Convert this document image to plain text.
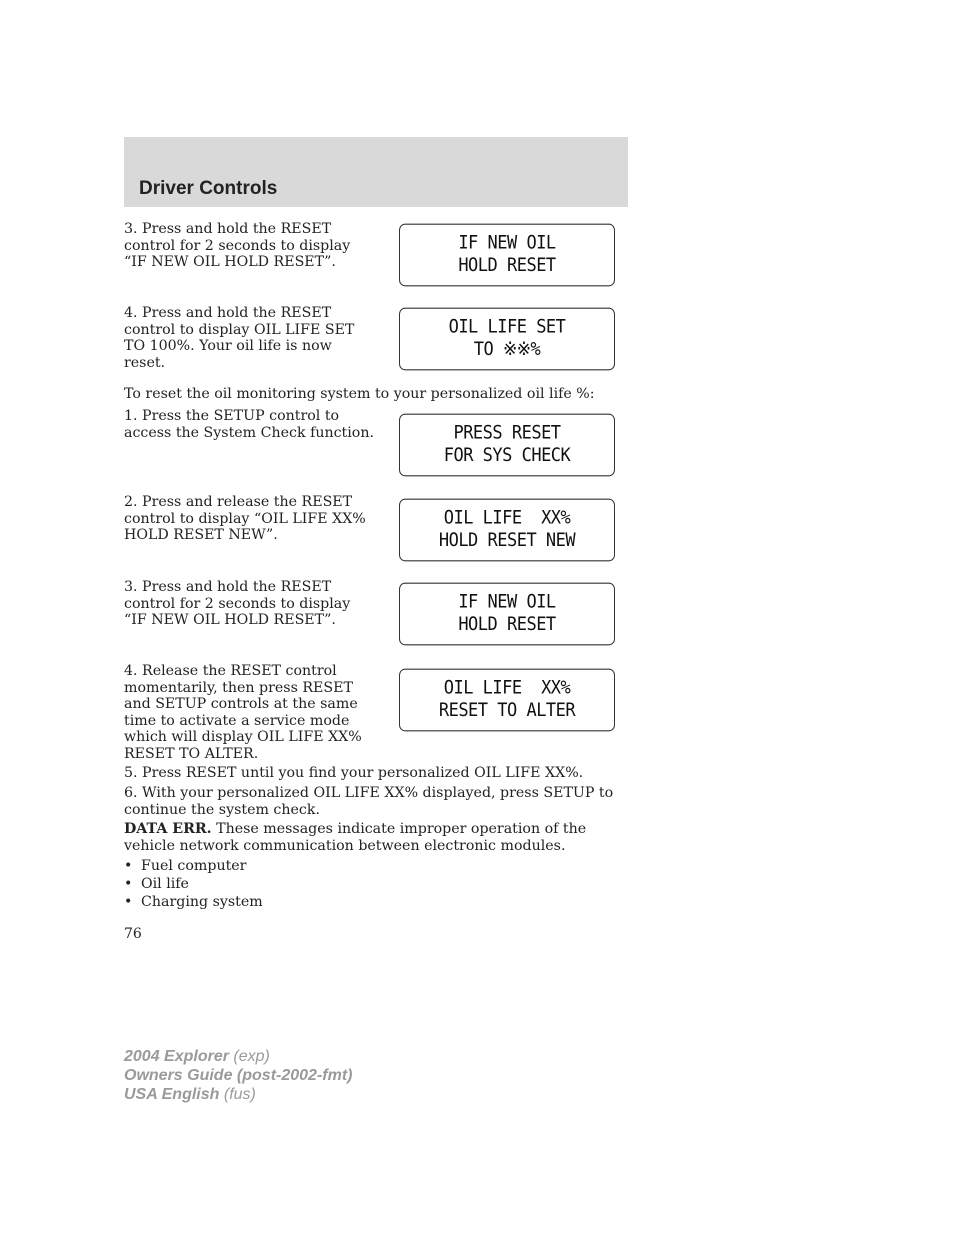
Driver Controls
3. Press and hold the RESET control for 2 seconds to display “IF NEW OIL HOLD RESET”.
IF NEW OIL
HOLD RESET
4. Press and hold the RESET control to display OIL LIFE SET TO 100%. Your oil life is now reset.
OIL LIFE SET
TO ※※%
To reset the oil monitoring system to your personalized oil life %:
1. Press the SETUP control to access the System Check function.	PRESS RESET
FOR SYS CHECK
2. Press and release the RESET control to display “OIL LIFE XX% HOLD RESET NEW”.
OIL LIFE  XX%
HOLD RESET NEW
3. Press and hold the RESET control for 2 seconds to display “IF NEW OIL HOLD RESET”.
IF NEW OIL
HOLD RESET
4. Release the RESET control momentarily, then press RESET and SETUP controls at the same time to activate a service mode which will display OIL LIFE XX% RESET TO ALTER.
OIL LIFE  XX%
RESET TO ALTER
5. Press RESET until you find your personalized OIL LIFE XX%.
6. With your personalized OIL LIFE XX% displayed, press SETUP to continue the system check.
DATA ERR. These messages indicate improper operation of the vehicle network communication between electronic modules.
• Fuel computer
• Oil life
• Charging system
76
2004 Explorer (exp)
Owners Guide (post-2002-fmt)
USA English (fus)
